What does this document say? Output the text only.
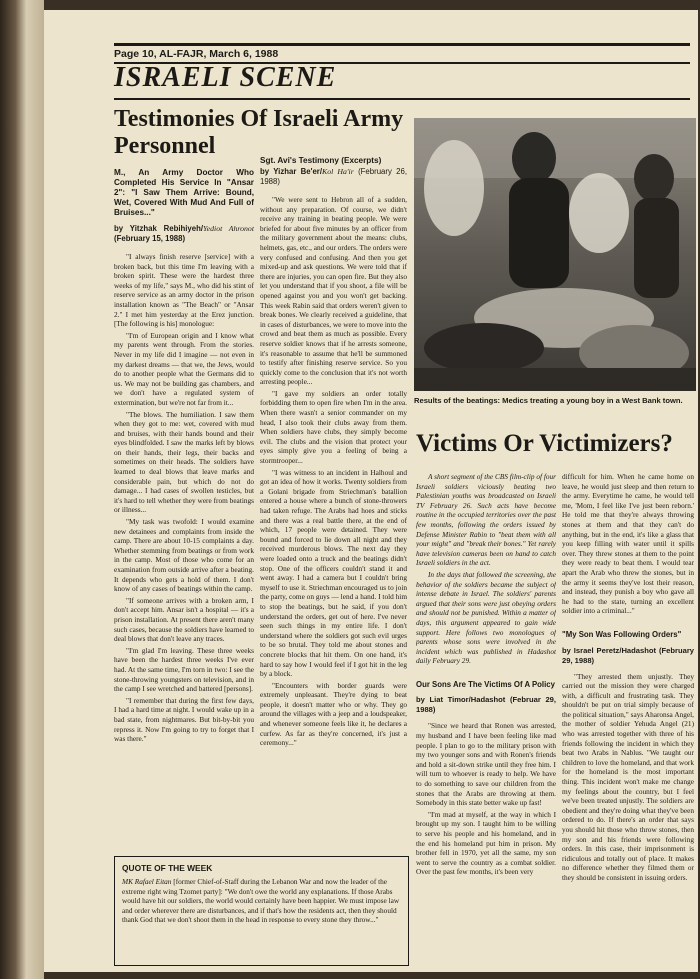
Page 10, AL-FAJR, March 6, 1988
ISRAELI SCENE
Testimonies Of Israeli Army Personnel
M., An Army Doctor Who Completed His Service In "Ansar 2": "I Saw Them Arrive: Bound, Wet, Covered With Mud And Full of Bruises..."
by Yitzhak Rebihiyeh/Yediot Ahronot (February 15, 1988)

"I always finish reserve [service] with a broken back, but this time I'm leaving with a broken spirit. These were the hardest three weeks of my life," says M., who did his stint of reserve service as an army doctor in the prison installation known as "The Beach" or "Ansar 2." I met him yesterday at the Erez junction. [The following is his] monologue:

"I'm of European origin and I know what my parents went through. From the stories. Never in my life did I imagine — not even in my darkest dreams — that we, the Jews, would do to another people what the Germans did to us. We may not be building gas chambers, and we don't have a regulated system of extermination, but we're not far from it...

"The blows. The humiliation. I saw them when they got to me: wet, covered with mud and bruises, with their hands bound and their eyes blindfolded. I saw the marks left by blows on their hands, their legs, their backs and sometimes on their heads. The soldiers have learned to deal blows that leave marks and considerable pain, but which do not do damage... I had cases of swollen testicles, but it's hard to tell whether they were from beatings or illness...

"My task was twofold: I would examine new detainees and complaints from inside the camp. There are about 10-15 complaints a day. Whether stemming from beatings or from work in the camp. Most of those who come for an examination from outside arrive after a beating. It depends who gets a hold of them. I don't know of any cases of beatings within the camp.

"If someone arrives with a broken arm, I don't accept him. Ansar isn't a hospital — it's a prison installation. At present there aren't many such cases, because the soldiers have learned to deal blows that don't leave any traces.

"I'm glad I'm leaving. These three weeks have been the hardest three weeks I've ever had. At the same time, I'm torn in two: I see the stone-throwing youngsters on television, and in the camp I see wretched and battered [persons].

"I remember that during the first few days, I had a hard time at night. I would wake up in a bad state, from nightmares. But bit-by-bit you repress it. Now I'm going to try to forget that I was there."

Sgt. Avi's Testimony (Excerpts)
by Yizhar Be'er/Kol Ha'ir (February 26, 1988)

"We were sent to Hebron all of a sudden, without any preparation. Of course, we didn't receive any training in beating people. We were briefed for about five minutes by an officer from the military government about the means: clubs, helmets, gas, etc., and our orders. The orders were very confused and confusing. And then you get mixed-up and ask questions. We were told that if there are injuries, you can open fire. But they also let you understand that if you shoot, a file will be opened against you and you won't get backing. This week Rabin said that orders weren't given to break bones. We clearly received a guideline, that in cases of disturbances, we were to move into the crowd and beat them as much as possible. Every reserve soldier knows that if he arrests someone, it's reasonable to assume that he'll be summoned to testify after finishing reserve service. So you quickly come to the conclusion that it's not worth arresting people...

"I gave my soldiers an order totally forbidding them to open fire when I'm in the area. When there wasn't a senior commander on my head, I also took their clubs away from them. When soldiers have clubs, they simply become evil. The clubs and the vision that protect your eyes simply give you a feeling of being a stormtrooper...

"I was witness to an incident in Halhoul and got an idea of how it works. Twenty soldiers from a Golani brigade from Striechman's batallion entered a house where a bunch of stone-throwers had taken refuge. The Arabs had hoes and sticks and there was a real battle there, at the end of which, 17 people were detained. They were bound and forced to lie down all night and they received murderous blows. The next day they were loaded onto a truck and the beatings didn't stop. One of the officers couldn't stand it and went away. I had a camera but I couldn't bring myself to use it. Striechman encouraged us to join the party, come on guys — lend a hand. I told him to stop the beatings, but he said, if you don't understand the orders, get out of here. I've never seen such things in my entire life. I don't understand where the soldiers got such evil urges to be so brutal. They told me about stones and concrete blocks that hit them. On one hand, it's hard to say how I would feel if I got hit in the leg by a block.

"Encounters with border guards were extremely unpleasant. They're dying to beat people, it doesn't matter who or why. They go around the villages with a jeep and a loudspeaker, and whenever someone feels like it, he declares a curfew. As far as they're concerned, it's just a ceremony..."

Results of the beatings: Medics treating a young boy in a West Bank town.
Victims Or Victimizers?

A short segment of the CBS film-clip of four Israeli soldiers viciously beating two Palestinian youths was broadcasted on Israeli TV February 26. Such acts have become routine in the occupied territories over the past few months, following the orders issued by Defense Minister Rabin to "beat them with all your might" and "break their bones." Yet rarely have television cameras been on hand to catch Israeli soldiers in the act.

In the days that followed the screening, the behavior of the soldiers became the subject of intense debate in Israel. The soldiers' parents argued that their sons were just obeying orders and should not be punished. Within a matter of days, this argument appeared to gain wide support. Here follows two monologues of parents whose sons were involved in the incident which was published in Hadashot daily February 29.

Our Sons Are The Victims Of A Policy
by Liat Timor/Hadashot (Februar 29, 1988)

"Since we heard that Ronen was arrested, my husband and I have been feeling like mad people. I plan to go to the military prison with my two younger sons and with Ronen's friends and hold a sit-down strike until they free him. I will turn to whoever is ready to help. We have to do something to save our children from the stones that the Arabs are throwing at them. Somebody in this state better wake up fast!

"I'm mad at myself, at the way in which I brought up my son. I taught him to be willing to serve his people and his homeland, and in the end his homeland put him in prison. My brother fell in 1970, yet all the same, my son went to serve the country as a combat soldier. Over the past few months, it's been very

difficult for him. When he came home on leave, he would just sleep and then return to the army. Everytime he came, he would tell me, 'Mom, I feel like I've just been reborn.' He told me that they're always throwing stones at them and that they can't do anything, but in the end, it's like a glass that you keep filling with water until it spills over. They threw stones at them to the point they were ready to beat them. I would tear apart the Arab who threw the stones, but in the army it seems they've lost their reason, and instead, they punish a boy who gave all he had to the state, turning an excellent soldier into a criminal..."

"My Son Was Following Orders"
by Israel Peretz/Hadashot (February 29, 1988)

"They arrested them unjustly. They carried out the mission they were charged with, a difficult and frustrating task. They shouldn't be put on trial simply because of the political situation," says Aharonsa Angel, the mother of soldier Yehuda Angel (21) who was arrested together with three of his friends following the incident in which they beat two Arabs in Nablus. "We taught our children to love the homeland, and that work for the homeland is the most important thing. This incident won't make me change my feelings about the country, but I feel we've been treated unjustly. The soldiers are obedient and they're doing what they've been ordered to do. If there's an order that says you should hit those who throw stones, then my son and his friends were following orders. In this case, their imprisonment is ridiculous and totally out of place. It makes no difference whether they filmed them or they should be consistent in issuing orders.

QUOTE OF THE WEEK
MK Rafael Eitan [former Chief-of-Staff during the Lebanon War and now the leader of the extreme right wing Tzomet party]: "We don't owe the world any explanations. If those Arabs would have hit our soldiers, the world would certainly have been happier. We must impose law and order wherever there are disturbances, and if that's how the residents act, then they should thank God that we don't shoot them in the head in response to every stone they throw..."
